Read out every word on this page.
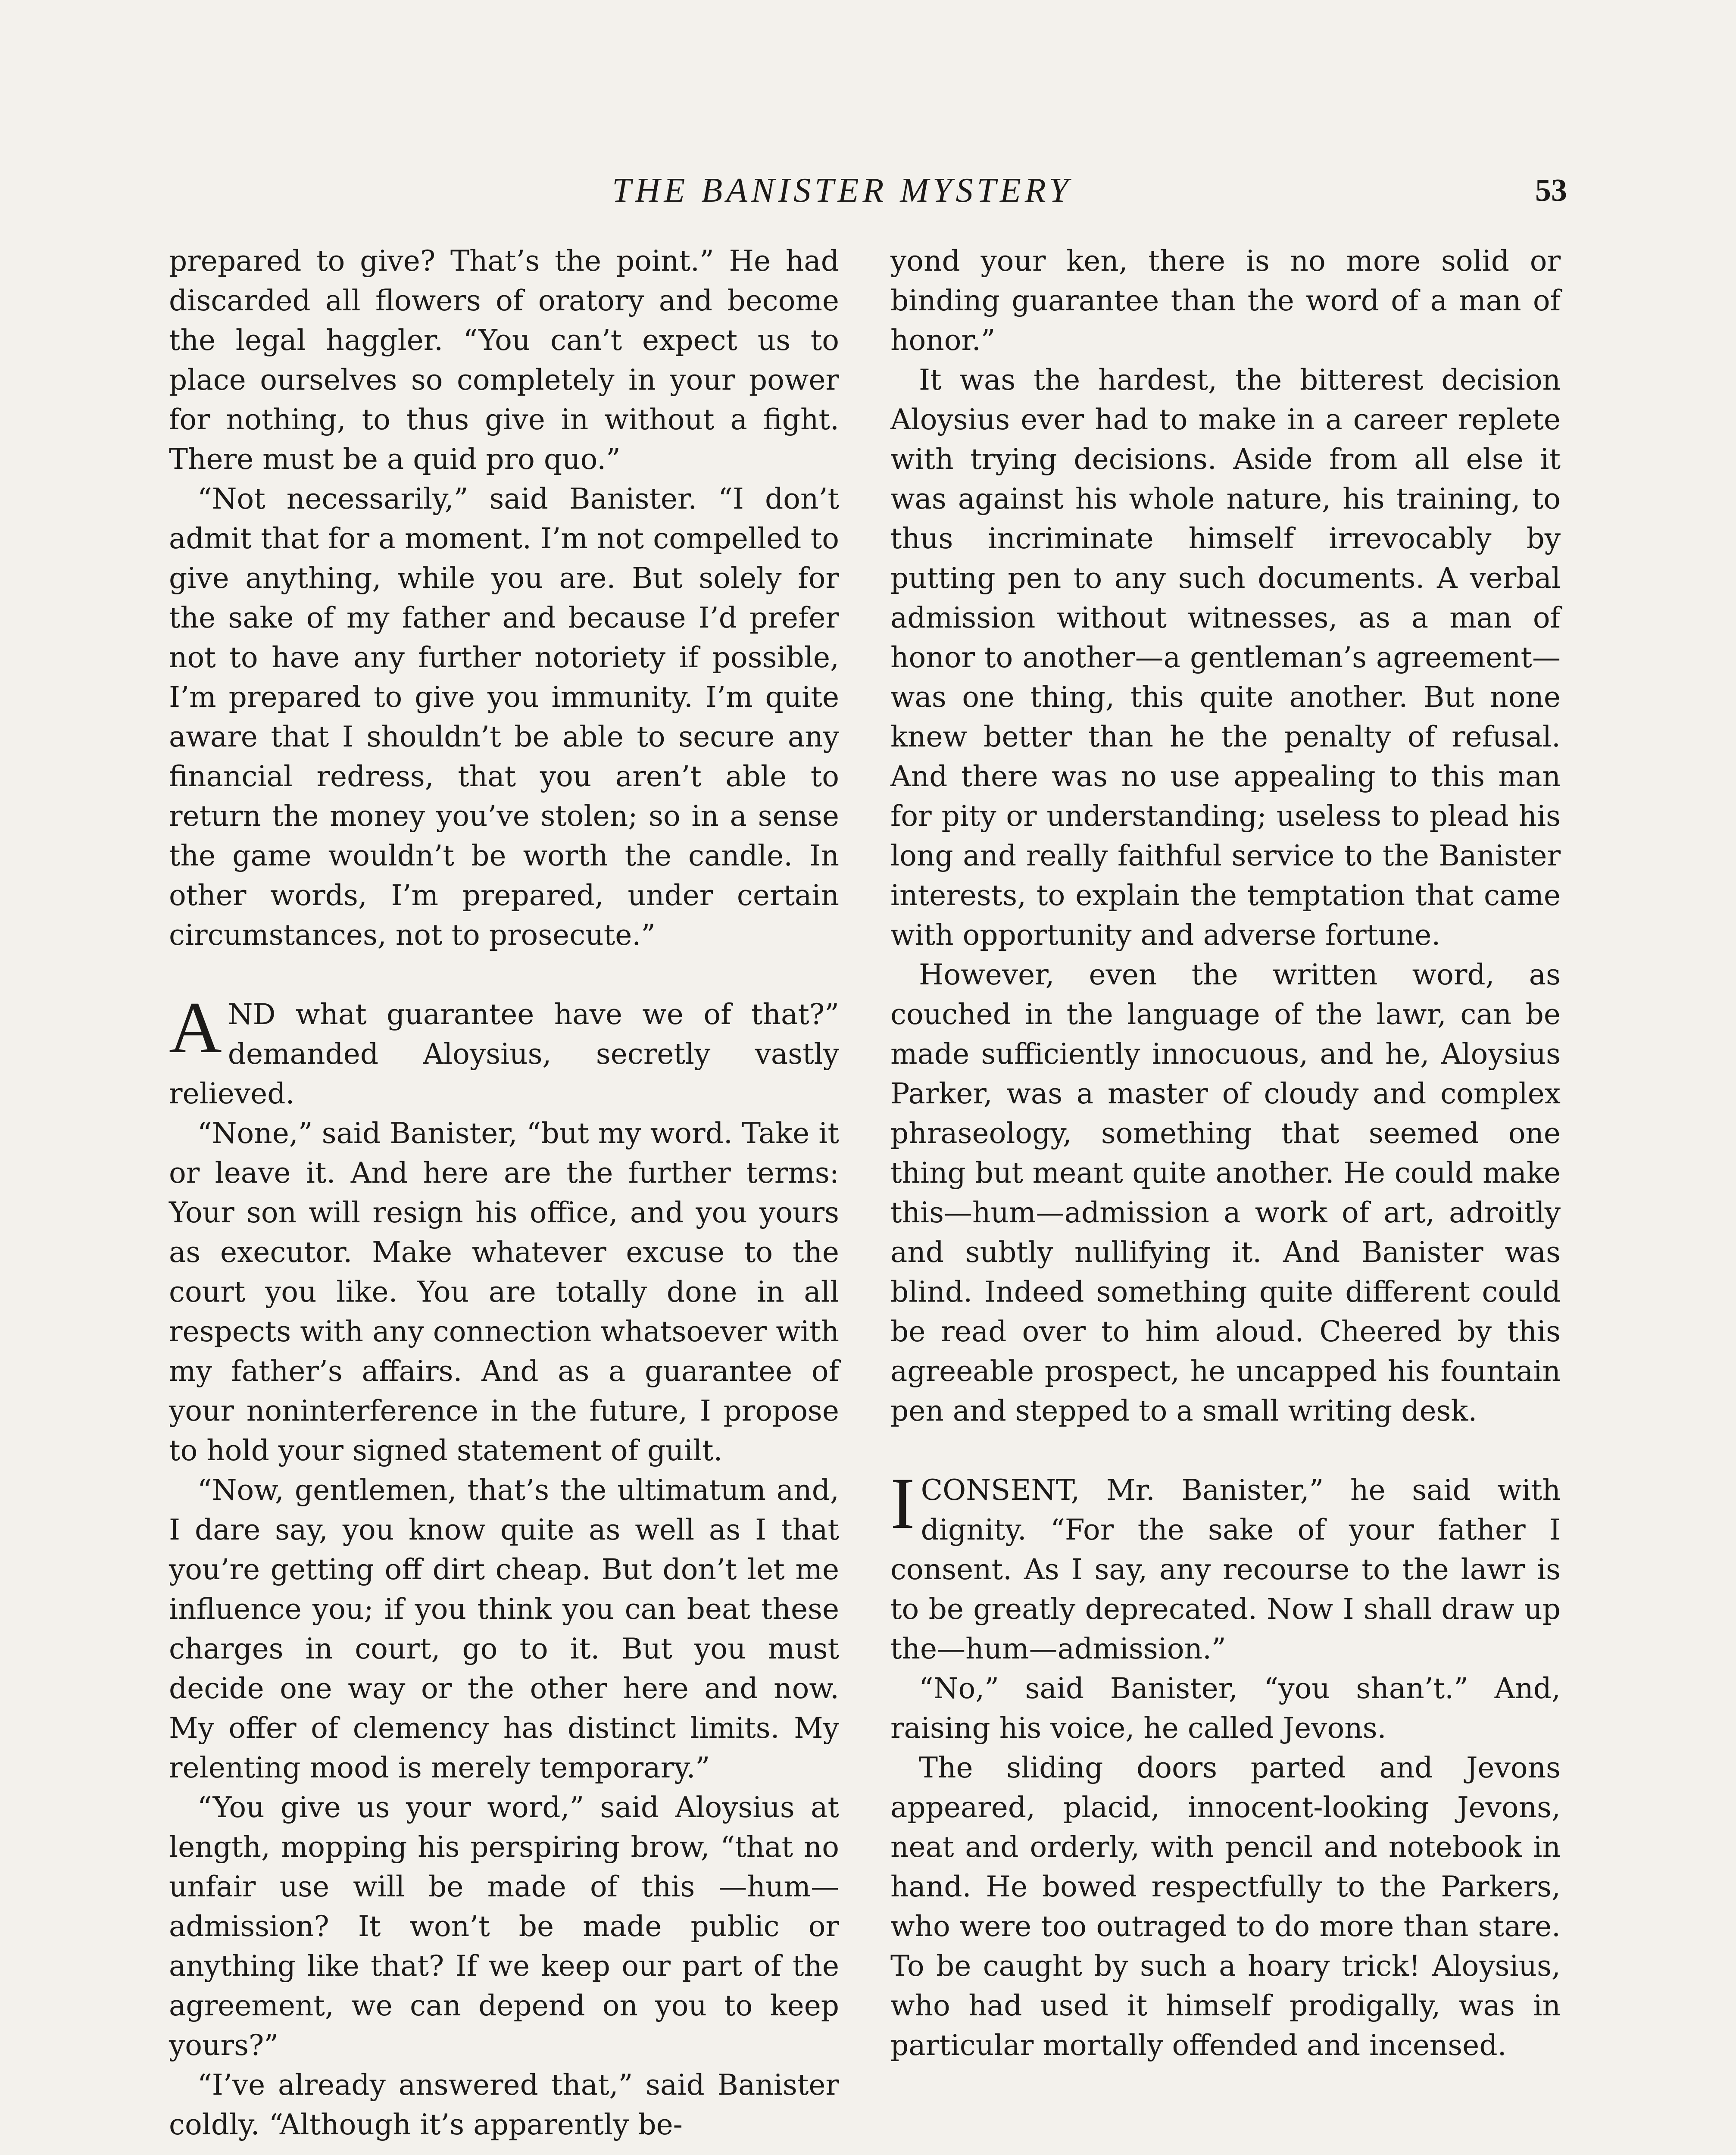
THE BANISTER MYSTERY	53

prepared to give? That’s the point.” He had discarded all flowers of oratory and become the legal haggler. “You can’t expect us to place ourselves so completely in your power for nothing, to thus give in without a fight. There must be a quid pro quo.”

“Not necessarily,” said Banister. “I don’t admit that for a moment. I’m not compelled to give anything, while you are. But solely for the sake of my father and because I’d prefer not to have any further notoriety if possible, I’m prepared to give you immunity. I’m quite aware that I shouldn’t be able to secure any financial redress, that you aren’t able to return the money you’ve stolen; so in a sense the game wouldn’t be worth the candle. In other words, I’m prepared, under certain circumstances, not to prosecute.”

AND what guarantee have we of that?” demanded Aloysius, secretly vastly relieved.

“None,” said Banister, “but my word. Take it or leave it. And here are the further terms: Your son will resign his office, and you yours as executor. Make whatever excuse to the court you like. You are totally done in all respects with any connection whatsoever with my father’s affairs. And as a guarantee of your noninterference in the future, I propose to hold your signed statement of guilt.

“Now, gentlemen, that’s the ultimatum and, I dare say, you know quite as well as I that you’re getting off dirt cheap. But don’t let me influence you; if you think you can beat these charges in court, go to it. But you must decide one way or the other here and now. My offer of clemency has distinct limits. My relenting mood is merely temporary.”

“You give us your word,” said Aloysius at length, mopping his perspiring brow, “that no unfair use will be made of this —hum—admission? It won’t be made public or anything like that? If we keep our part of the agreement, we can depend on you to keep yours?”

“I’ve already answered that,” said Banister coldly. “Although it’s apparently be-

yond your ken, there is no more solid or binding guarantee than the word of a man of honor.”

It was the hardest, the bitterest decision Aloysius ever had to make in a career replete with trying decisions. Aside from all else it was against his whole nature, his training, to thus incriminate himself irrevocably by putting pen to any such documents. A verbal admission without witnesses, as a man of honor to another—a gentleman’s agreement—was one thing, this quite another. But none knew better than he the penalty of refusal. And there was no use appealing to this man for pity or understanding; useless to plead his long and really faithful service to the Banister interests, to explain the temptation that came with opportunity and adverse fortune.

However, even the written word, as couched in the language of the lawr, can be made sufficiently innocuous, and he, Aloysius Parker, was a master of cloudy and complex phraseology, something that seemed one thing but meant quite another. He could make this—hum—admission a work of art, adroitly and subtly nullifying it. And Banister was blind. Indeed something quite different could be read over to him aloud. Cheered by this agreeable prospect, he uncapped his fountain pen and stepped to a small writing desk.

ICONSENT, Mr. Banister,” he said with dignity. “For the sake of your father I consent. As I say, any recourse to the lawr is to be greatly deprecated. Now I shall draw up the—hum—admission.”

“No,” said Banister, “you shan’t.” And, raising his voice, he called Jevons.

The sliding doors parted and Jevons appeared, placid, innocent-looking Jevons, neat and orderly, with pencil and notebook in hand. He bowed respectfully to the Parkers, who were too outraged to do more than stare. To be caught by such a hoary trick! Aloysius, who had used it himself prodigally, was in particular mortally offended and incensed.
